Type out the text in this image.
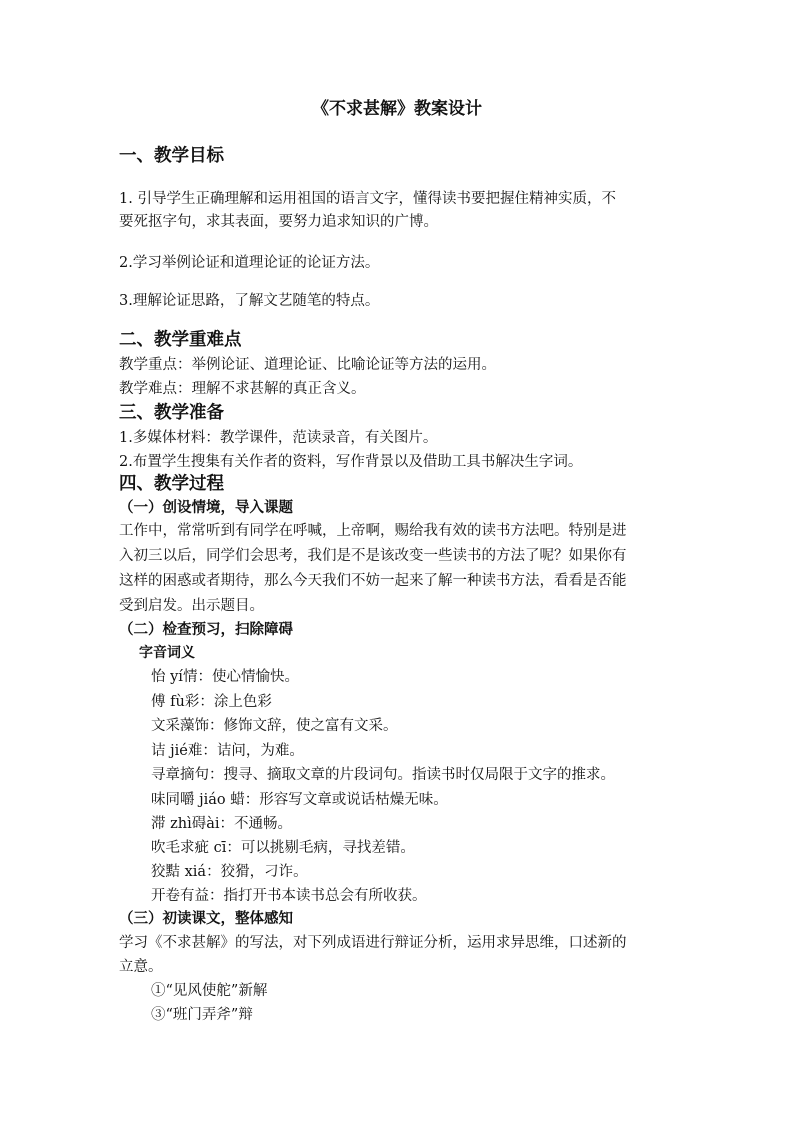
《不求甚解》教案设计
一、教学目标
1. 引导学生正确理解和运用祖国的语言文字，懂得读书要把握住精神实质，不
要死抠字句，求其表面，要努力追求知识的广博。
2.学习举例论证和道理论证的论证方法。
3.理解论证思路，了解文艺随笔的特点。
二、教学重难点
教学重点：举例论证、道理论证、比喻论证等方法的运用。
教学难点：理解不求甚解的真正含义。
三、教学准备
1.多媒体材料：教学课件，范读录音，有关图片。
2.布置学生搜集有关作者的资料，写作背景以及借助工具书解决生字词。
四、教学过程
（一）创设情境，导入课题
工作中，常常听到有同学在呼喊，上帝啊，赐给我有效的读书方法吧。特别是进
入初三以后，同学们会思考，我们是不是该改变一些读书的方法了呢？如果你有
这样的困惑或者期待，那么今天我们不妨一起来了解一种读书方法，看看是否能
受到启发。出示题目。
（二）检查预习，扫除障碍
字音词义
怡 yí情：使心情愉快。
傅 fù彩：涂上色彩
文采藻饰：修饰文辞，使之富有文采。
诘 jié难：诘问，为难。
寻章摘句：搜寻、摘取文章的片段词句。指读书时仅局限于文字的推求。
味同嚼 jiáo 蜡：形容写文章或说话枯燥无味。
滞 zhì碍ài：不通畅。
吹毛求疵 cī：可以挑剔毛病，寻找差错。
狡黠 xiá：狡猾，刁诈。
开卷有益：指打开书本读书总会有所收获。
（三）初读课文，整体感知
学习《不求甚解》的写法，对下列成语进行辩证分析，运用求异思维，口述新的
立意。
①“见风使舵”新解
③“班门弄斧”辩
